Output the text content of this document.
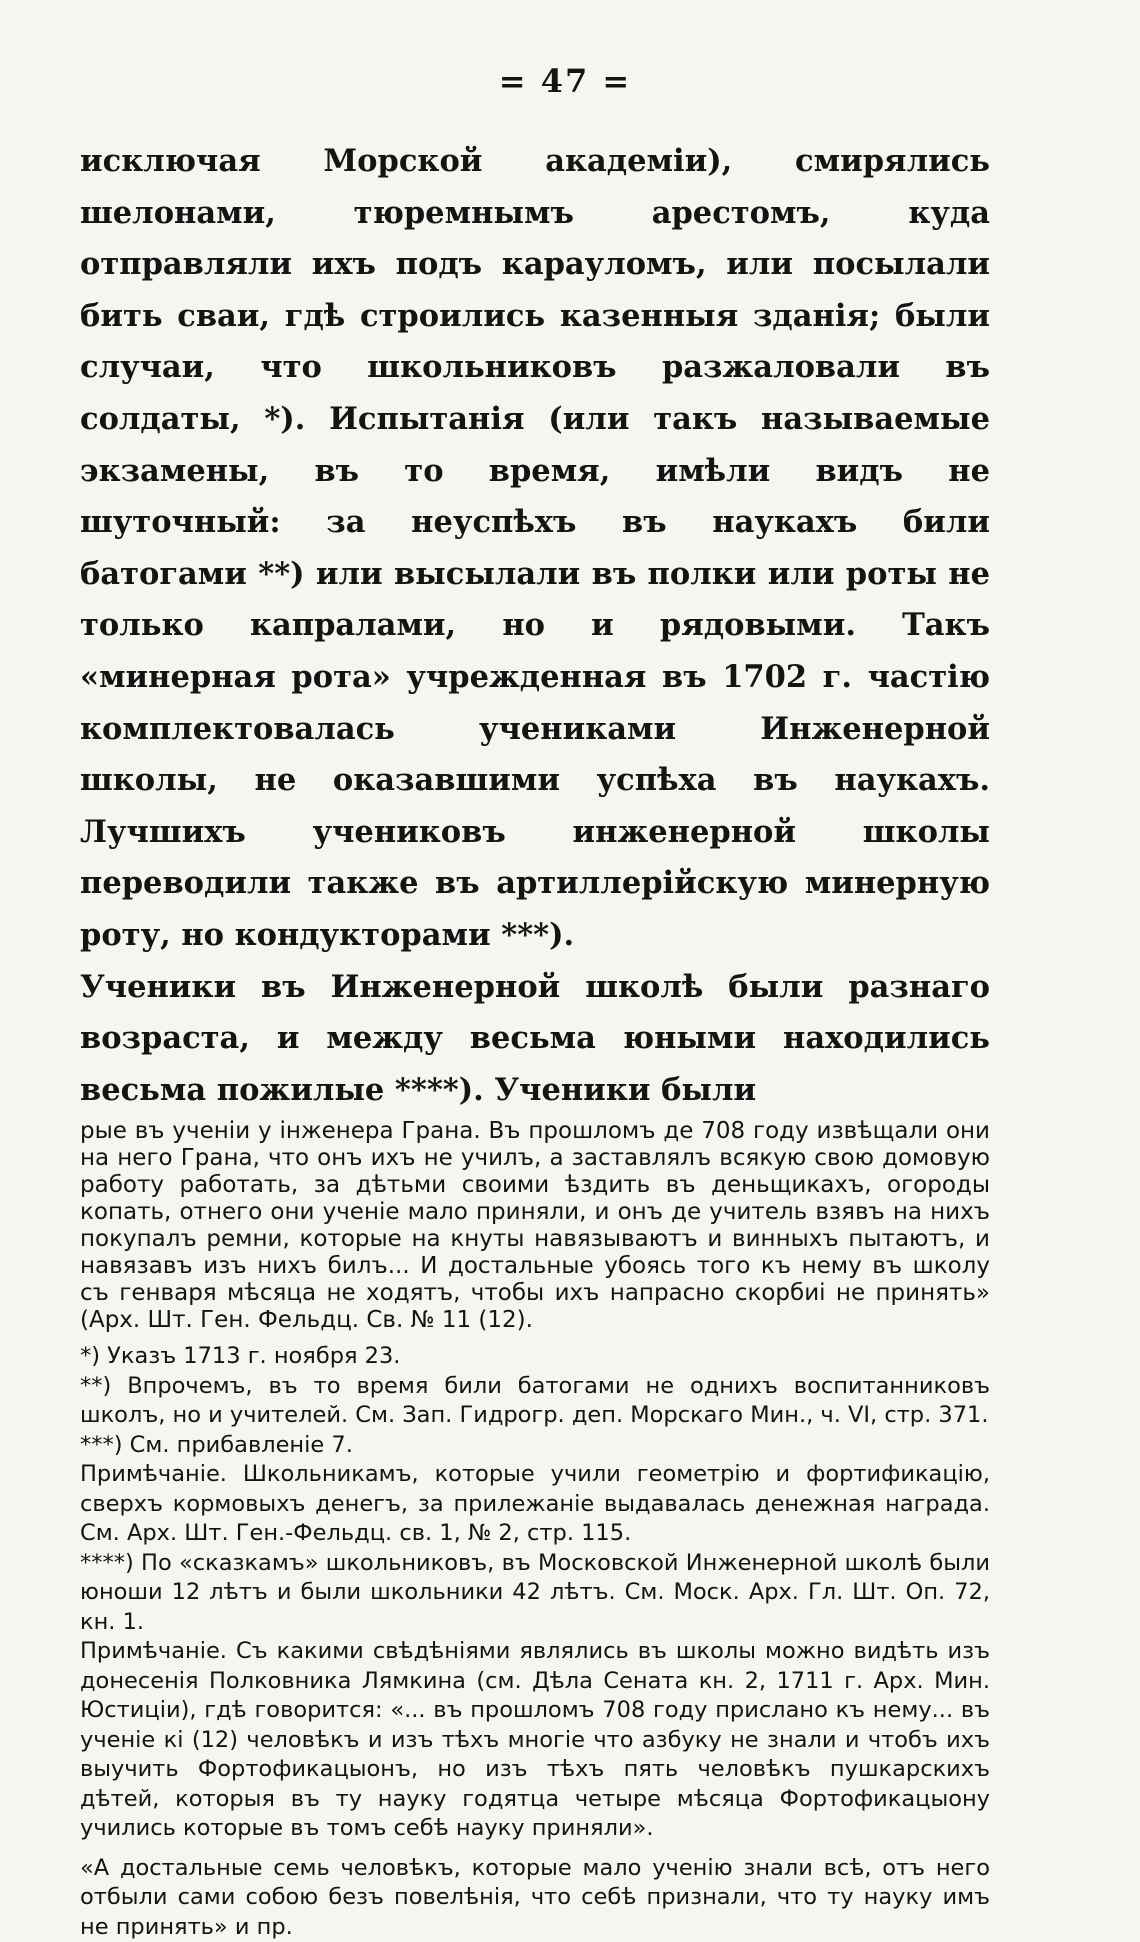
= 47 =

исключая Морской академіи), смирялись шелонами, тюремнымъ арестомъ, куда отправляли ихъ подъ карауломъ, или посылали бить сваи, гдѣ строились казенныя зданія; были случаи, что школьниковъ разжаловали въ солдаты, *). Испытанія (или такъ называемые экзамены, въ то время, имѣли видъ не шуточный: за неуспѣхъ въ наукахъ били батогами **) или высылали въ полки или роты не только капралами, но и рядовыми. Такъ «минерная рота» учрежденная въ 1702 г. частію комплектовалась учениками Инженерной школы, не оказавшими успѣха въ наукахъ. Лучшихъ учениковъ инженерной школы переводили также въ артиллерійскую минерную роту, но кондукторами ***).

Ученики въ Инженерной школѣ были разнаго возраста, и между весьма юными находились весьма пожилые ****). Ученики были

рые въ ученіи у інженера Грана. Въ прошломъ де 708 году извѣщали они на него Грана, что онъ ихъ не училъ, а заставлялъ всякую свою домовую работу работать, за дѣтьми своими ѣздить въ деньщикахъ, огороды копать, отнего они ученіе мало приняли, и онъ де учитель взявъ на нихъ покупалъ ремни, которые на кнуты навязываютъ и винныхъ пытаютъ, и навязавъ изъ нихъ билъ... И достальные убоясь того къ нему въ школу съ генваря мѣсяца не ходятъ, чтобы ихъ напрасно скорбиі не принять» (Арх. Шт. Ген. Фельдц. Св. № 11 (12).

*) Указъ 1713 г. ноября 23.

**) Впрочемъ, въ то время били батогами не однихъ воспитанниковъ школъ, но и учителей. См. Зап. Гидрогр. деп. Морскаго Мин., ч. VI, стр. 371.

***) См. прибавленіе 7.

Примѣчаніе. Школьникамъ, которые учили геометрію и фортификацію, сверхъ кормовыхъ денегъ, за прилежаніе выдавалась денежная награда. См. Арх. Шт. Ген.-Фельдц. св. 1, № 2, стр. 115.

****) По «сказкамъ» школьниковъ, въ Московской Инженерной школѣ были юноши 12 лѣтъ и были школьники 42 лѣтъ. См. Моск. Арх. Гл. Шт. Оп. 72, кн. 1.

Примѣчаніе. Съ какими свѣдѣніями являлись въ школы можно видѣть изъ донесенія Полковника Лямкина (см. Дѣла Сената кн. 2, 1711 г. Арх. Мин. Юстиціи), гдѣ говорится: «... въ прошломъ 708 году присланo къ нему... въ ученіе кі (12) человѣкъ и изъ тѣхъ многіе что азбуку не знали и чтобъ ихъ выучить Фортофикацыонъ, но изъ тѣхъ пять человѣкъ пушкарскихъ дѣтей, которыя въ ту науку годятца четыре мѣсяца Фортофикацыону учились которые въ томъ себѣ науку приняли».

«А достальные семь человѣкъ, которые мало ученію знали всѣ, отъ него отбыли сами собою безъ повелѣнія, что себѣ признали, что ту науку имъ не принять» и пр.
